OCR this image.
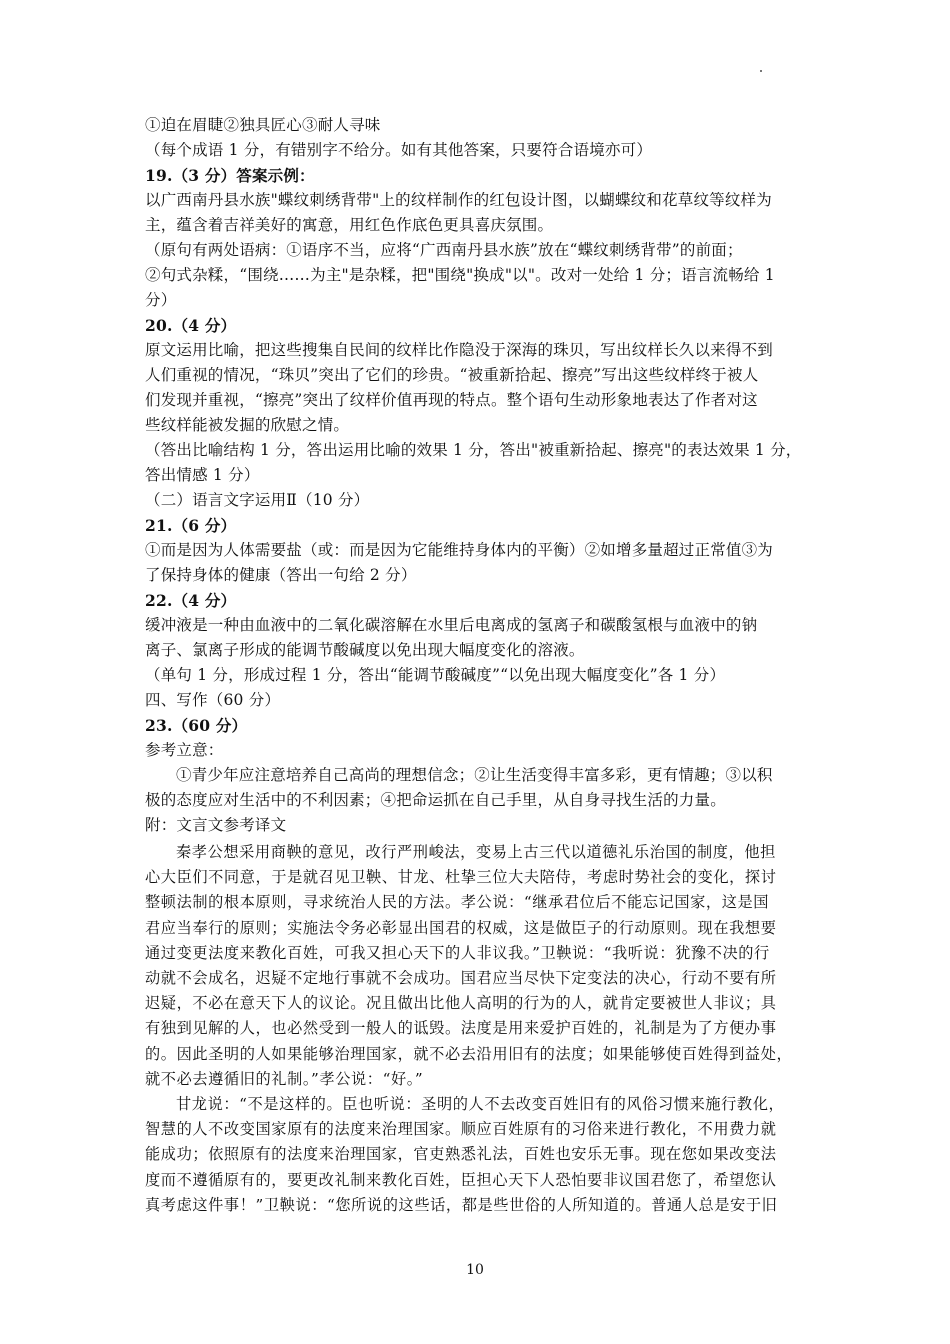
①迫在眉睫②独具匠心③耐人寻味
（每个成语 1 分，有错别字不给分。如有其他答案，只要符合语境亦可）
19.（3 分）答案示例：
以广西南丹县水族"蝶纹刺绣背带"上的纹样制作的红包设计图，以蝴蝶纹和花草纹等纹样为
主，蕴含着吉祥美好的寓意，用红色作底色更具喜庆氛围。
（原句有两处语病：①语序不当，应将“广西南丹县水族”放在“蝶纹刺绣背带”的前面；
②句式杂糅，“围绕……为主"是杂糅，把"围绕"换成"以"。改对一处给 1 分；语言流畅给 1
分）
20.（4 分）
原文运用比喻，把这些搜集自民间的纹样比作隐没于深海的珠贝，写出纹样长久以来得不到
人们重视的情况，“珠贝”突出了它们的珍贵。“被重新拾起、擦亮”写出这些纹样终于被人
们发现并重视，“擦亮”突出了纹样价值再现的特点。整个语句生动形象地表达了作者对这
些纹样能被发掘的欣慰之情。
（答出比喻结构 1 分，答出运用比喻的效果 1 分，答出"被重新拾起、擦亮"的表达效果 1 分，
答出情感 1 分）
（二）语言文字运用Ⅱ（10 分）
21.（6 分）
①而是因为人体需要盐（或：而是因为它能维持身体内的平衡）②如增多量超过正常值③为
了保持身体的健康（答出一句给 2 分）
22.（4 分）
缓冲液是一种由血液中的二氧化碳溶解在水里后电离成的氢离子和碳酸氢根与血液中的钠
离子、氯离子形成的能调节酸碱度以免出现大幅度变化的溶液。
（单句 1 分，形成过程 1 分，答出“能调节酸碱度”“以免出现大幅度变化”各 1 分）
四、写作（60 分）
23.（60 分）
参考立意：
①青少年应注意培养自己高尚的理想信念；②让生活变得丰富多彩，更有情趣；③以积
极的态度应对生活中的不利因素；④把命运抓在自己手里，从自身寻找生活的力量。
附：文言文参考译文
秦孝公想采用商鞅的意见，改行严刑峻法，变易上古三代以道德礼乐治国的制度，他担
心大臣们不同意，于是就召见卫鞅、甘龙、杜挚三位大夫陪侍，考虑时势社会的变化，探讨
整顿法制的根本原则，寻求统治人民的方法。孝公说：“继承君位后不能忘记国家，这是国
君应当奉行的原则；实施法令务必彰显出国君的权威，这是做臣子的行动原则。现在我想要
通过变更法度来教化百姓，可我又担心天下的人非议我。”卫鞅说：“我听说：犹豫不决的行
动就不会成名，迟疑不定地行事就不会成功。国君应当尽快下定变法的决心，行动不要有所
迟疑，不必在意天下人的议论。况且做出比他人高明的行为的人，就肯定要被世人非议；具
有独到见解的人，也必然受到一般人的诋毁。法度是用来爱护百姓的，礼制是为了方便办事
的。因此圣明的人如果能够治理国家，就不必去沿用旧有的法度；如果能够使百姓得到益处，
就不必去遵循旧的礼制。”孝公说：“好。”
甘龙说：“不是这样的。臣也听说：圣明的人不去改变百姓旧有的风俗习惯来施行教化，
智慧的人不改变国家原有的法度来治理国家。顺应百姓原有的习俗来进行教化，不用费力就
能成功；依照原有的法度来治理国家，官吏熟悉礼法，百姓也安乐无事。现在您如果改变法
度而不遵循原有的，要更改礼制来教化百姓，臣担心天下人恐怕要非议国君您了，希望您认
真考虑这件事！”卫鞅说：“您所说的这些话，都是些世俗的人所知道的。普通人总是安于旧
10
